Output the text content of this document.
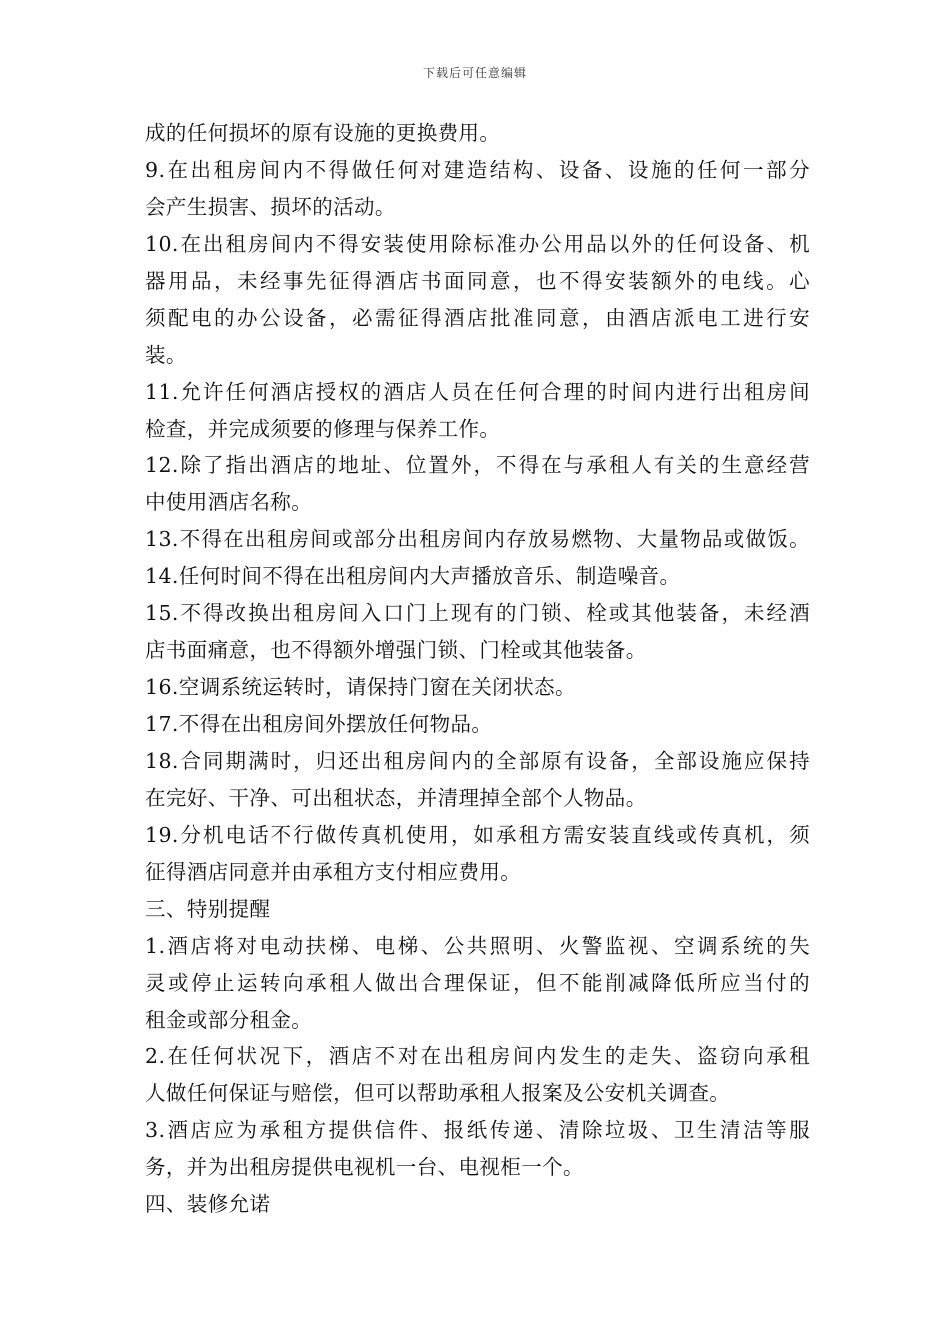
下载后可任意编辑
成的任何损坏的原有设施的更换费用。
9.在出租房间内不得做任何对建造结构、设备、设施的任何一部分
会产生损害、损坏的活动。
10.在出租房间内不得安装使用除标准办公用品以外的任何设备、机
器用品，未经事先征得酒店书面同意，也不得安装额外的电线。心
须配电的办公设备，必需征得酒店批准同意，由酒店派电工进行安
装。
11.允许任何酒店授权的酒店人员在任何合理的时间内进行出租房间
检查，并完成须要的修理与保养工作。
12.除了指出酒店的地址、位置外，不得在与承租人有关的生意经营
中使用酒店名称。
13.不得在出租房间或部分出租房间内存放易燃物、大量物品或做饭。
14.任何时间不得在出租房间内大声播放音乐、制造噪音。
15.不得改换出租房间入口门上现有的门锁、栓或其他装备，未经酒
店书面痛意，也不得额外增强门锁、门栓或其他装备。
16.空调系统运转时，请保持门窗在关闭状态。
17.不得在出租房间外摆放任何物品。
18.合同期满时，归还出租房间内的全部原有设备，全部设施应保持
在完好、干净、可出租状态，并清理掉全部个人物品。
19.分机电话不行做传真机使用，如承租方需安装直线或传真机，须
征得酒店同意并由承租方支付相应费用。
三、特别提醒
1.酒店将对电动扶梯、电梯、公共照明、火警监视、空调系统的失
灵或停止运转向承租人做出合理保证，但不能削减降低所应当付的
租金或部分租金。
2.在任何状况下，酒店不对在出租房间内发生的走失、盗窃向承租
人做任何保证与赔偿，但可以帮助承租人报案及公安机关调查。
3.酒店应为承租方提供信件、报纸传递、清除垃圾、卫生清洁等服
务，并为出租房提供电视机一台、电视柜一个。
四、装修允诺
